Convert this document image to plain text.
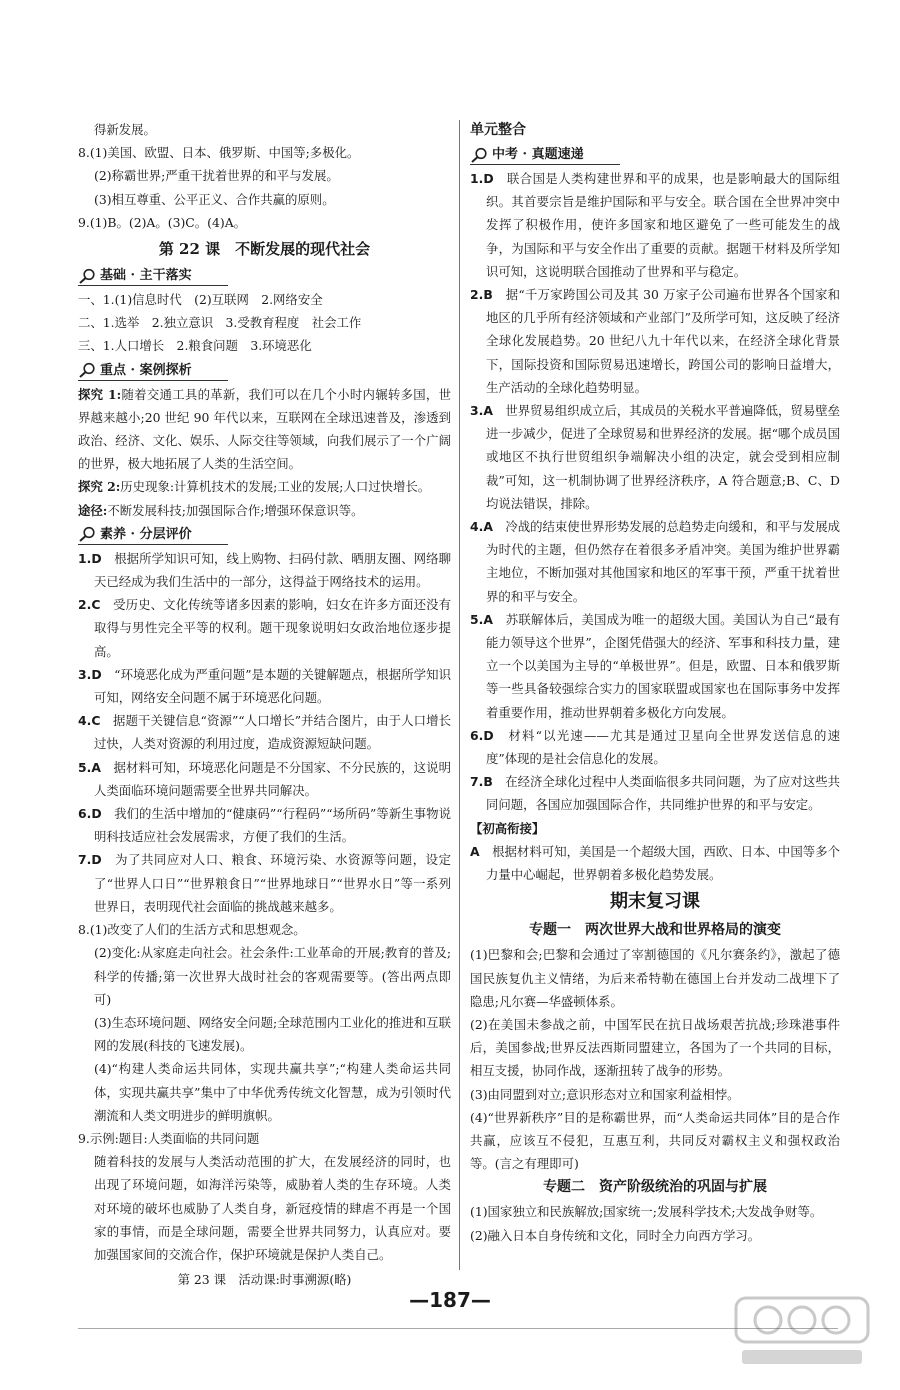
得新发展。

8.(1)美国、欧盟、日本、俄罗斯、中国等;多极化。

(2)称霸世界;严重干扰着世界的和平与发展。

(3)相互尊重、公平正义、合作共赢的原则。

9.(1)B。(2)A。(3)C。(4)A。

第 22 课　不断发展的现代社会

基础 · 主干落实

一、1.(1)信息时代　(2)互联网　2.网络安全

二、1.选举　2.独立意识　3.受教育程度　社会工作

三、1.人口增长　2.粮食问题　3.环境恶化

重点 · 案例探析

探究 1:随着交通工具的革新，我们可以在几个小时内辗转多国，世界越来越小;20 世纪 90 年代以来，互联网在全球迅速普及，渗透到政治、经济、文化、娱乐、人际交往等领域，向我们展示了一个广阔的世界，极大地拓展了人类的生活空间。

探究 2:历史现象:计算机技术的发展;工业的发展;人口过快增长。

途径:不断发展科技;加强国际合作;增强环保意识等。

素养 · 分层评价

1.D　 根据所学知识可知，线上购物、扫码付款、晒朋友圈、网络聊天已经成为我们生活中的一部分，这得益于网络技术的运用。

2.C　 受历史、文化传统等诸多因素的影响，妇女在许多方面还没有取得与男性完全平等的权利。题干现象说明妇女政治地位逐步提高。

3.D　 “环境恶化成为严重问题”是本题的关键解题点，根据所学知识可知，网络安全问题不属于环境恶化问题。

4.C　 据题干关键信息“资源”“人口增长”并结合图片，由于人口增长过快，人类对资源的利用过度，造成资源短缺问题。

5.A　 据材料可知，环境恶化问题是不分国家、不分民族的，这说明人类面临环境问题需要全世界共同解决。

6.D　 我们的生活中增加的“健康码”“行程码”“场所码”等新生事物说明科技适应社会发展需求，方便了我们的生活。

7.D　 为了共同应对人口、粮食、环境污染、水资源等问题，设定了“世界人口日”“世界粮食日”“世界地球日”“世界水日”等一系列世界日，表明现代社会面临的挑战越来越多。

8.(1)改变了人们的生活方式和思想观念。

(2)变化:从家庭走向社会。社会条件:工业革命的开展;教育的普及;科学的传播;第一次世界大战时社会的客观需要等。(答出两点即可)

(3)生态环境问题、网络安全问题;全球范围内工业化的推进和互联网的发展(科技的飞速发展)。

(4)“构建人类命运共同体，实现共赢共享”;“构建人类命运共同体，实现共赢共享”集中了中华优秀传统文化智慧，成为引领时代潮流和人类文明进步的鲜明旗帜。

9.示例:题目:人类面临的共同问题

随着科技的发展与人类活动范围的扩大，在发展经济的同时，也出现了环境问题，如海洋污染等，威胁着人类的生存环境。人类对环境的破坏也威胁了人类自身，新冠疫情的肆虐不再是一个国家的事情，而是全球问题，需要全世界共同努力，认真应对。要加强国家间的交流合作，保护环境就是保护人类自己。

第 23 课　活动课:时事溯源(略)

单元整合

中考 · 真题速递

1.D　 联合国是人类构建世界和平的成果，也是影响最大的国际组织。其首要宗旨是维护国际和平与安全。联合国在全世界冲突中发挥了积极作用，使许多国家和地区避免了一些可能发生的战争，为国际和平与安全作出了重要的贡献。据题干材料及所学知识可知，这说明联合国推动了世界和平与稳定。

2.B　 据“千万家跨国公司及其 30 万家子公司遍布世界各个国家和地区的几乎所有经济领域和产业部门”及所学可知，这反映了经济全球化发展趋势。20 世纪八九十年代以来，在经济全球化背景下，国际投资和国际贸易迅速增长，跨国公司的影响日益增大，生产活动的全球化趋势明显。

3.A　 世界贸易组织成立后，其成员的关税水平普遍降低，贸易壁垒进一步减少，促进了全球贸易和世界经济的发展。据“哪个成员国或地区不执行世贸组织争端解决小组的决定，就会受到相应制裁”可知，这一机制协调了世界经济秩序，A 符合题意;B、C、D 均说法错误，排除。

4.A　 冷战的结束使世界形势发展的总趋势走向缓和，和平与发展成为时代的主题，但仍然存在着很多矛盾冲突。美国为维护世界霸主地位，不断加强对其他国家和地区的军事干预，严重干扰着世界的和平与安全。

5.A　 苏联解体后，美国成为唯一的超级大国。美国认为自己“最有能力领导这个世界”，企图凭借强大的经济、军事和科技力量，建立一个以美国为主导的“单极世界”。但是，欧盟、日本和俄罗斯等一些具备较强综合实力的国家联盟或国家也在国际事务中发挥着重要作用，推动世界朝着多极化方向发展。

6.D　 材料“以光速——尤其是通过卫星向全世界发送信息的速度”体现的是社会信息化的发展。

7.B　 在经济全球化过程中人类面临很多共同问题，为了应对这些共同问题，各国应加强国际合作，共同维护世界的和平与安定。

【初高衔接】

A　 根据材料可知，美国是一个超级大国，西欧、日本、中国等多个力量中心崛起，世界朝着多极化趋势发展。

期末复习课

专题一　两次世界大战和世界格局的演变

(1)巴黎和会;巴黎和会通过了宰割德国的《凡尔赛条约》，激起了德国民族复仇主义情绪，为后来希特勒在德国上台并发动二战埋下了隐患;凡尔赛—华盛顿体系。

(2)在美国未参战之前，中国军民在抗日战场艰苦抗战;珍珠港事件后，美国参战;世界反法西斯同盟建立，各国为了一个共同的目标，相互支援，协同作战，逐渐扭转了战争的形势。

(3)由同盟到对立;意识形态对立和国家利益相悖。

(4)“世界新秩序”目的是称霸世界，而“人类命运共同体”目的是合作共赢，应该互不侵犯，互惠互利，共同反对霸权主义和强权政治等。(言之有理即可)

专题二　资产阶级统治的巩固与扩展

(1)国家独立和民族解放;国家统一;发展科学技术;大发战争财等。

(2)融入日本自身传统和文化，同时全力向西方学习。

—187—
